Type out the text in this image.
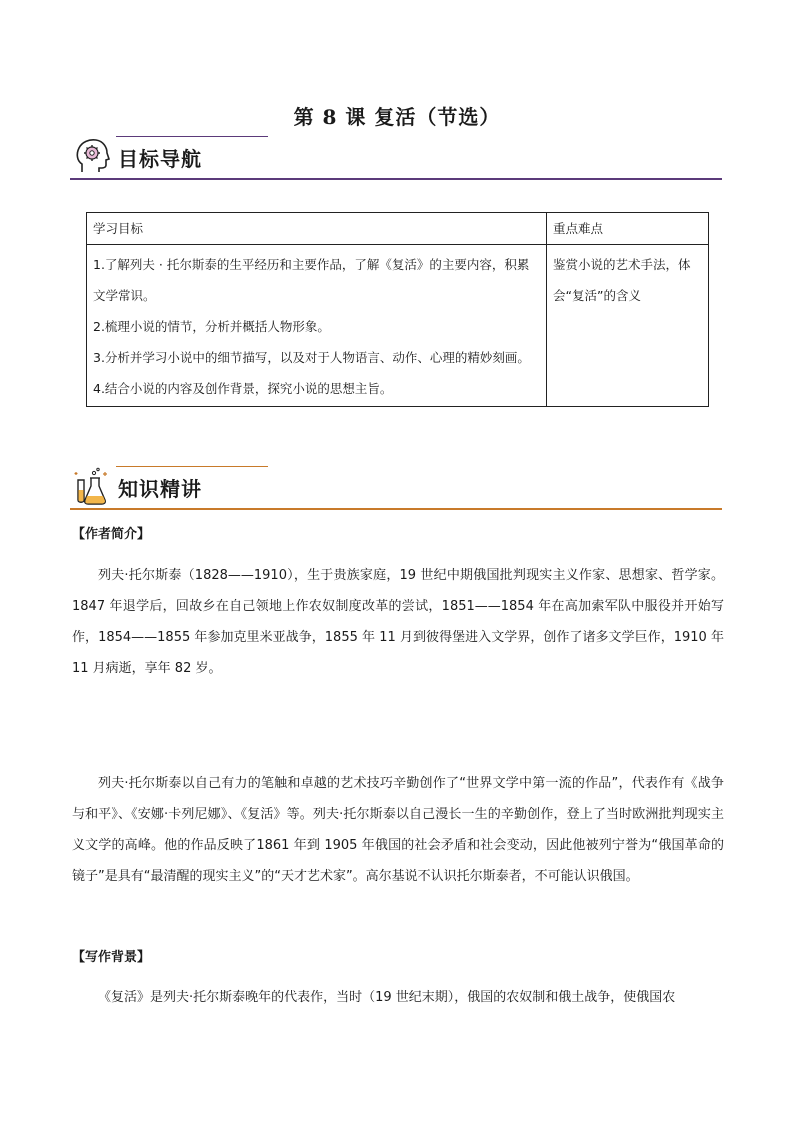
第 8 课 复活（节选）
目标导航
学习目标	重点难点

1.了解列夫 · 托尔斯泰的生平经历和主要作品，了解《复活》的主要内容，积累文学常识。
2.梳理小说的情节，分析并概括人物形象。
3.分析并学习小说中的细节描写，以及对于人物语言、动作、心理的精妙刻画。
4.结合小说的内容及创作背景，探究小说的思想主旨。	鉴赏小说的艺术手法，体会“复活”的含义
知识精讲
【作者简介】
列夫·托尔斯泰（1828——1910），生于贵族家庭，19 世纪中期俄国批判现实主义作家、思想家、哲学家。1847 年退学后，回故乡在自己领地上作农奴制度改革的尝试，1851——1854 年在高加索军队中服役并开始写作，1854——1855 年参加克里米亚战争，1855 年 11 月到彼得堡进入文学界，创作了诸多文学巨作，1910 年 11 月病逝，享年 82 岁。
列夫·托尔斯泰以自己有力的笔触和卓越的艺术技巧辛勤创作了“世界文学中第一流的作品”，代表作有《战争与和平》、《安娜·卡列尼娜》、《复活》等。列夫·托尔斯泰以自己漫长一生的辛勤创作，登上了当时欧洲批判现实主义文学的高峰。他的作品反映了1861 年到 1905 年俄国的社会矛盾和社会变动，因此他被列宁誉为“俄国革命的镜子”是具有“最清醒的现实主义”的“天才艺术家”。高尔基说不认识托尔斯泰者，不可能认识俄国。
【写作背景】
《复活》是列夫·托尔斯泰晚年的代表作，当时（19 世纪末期），俄国的农奴制和俄土战争，使俄国农
